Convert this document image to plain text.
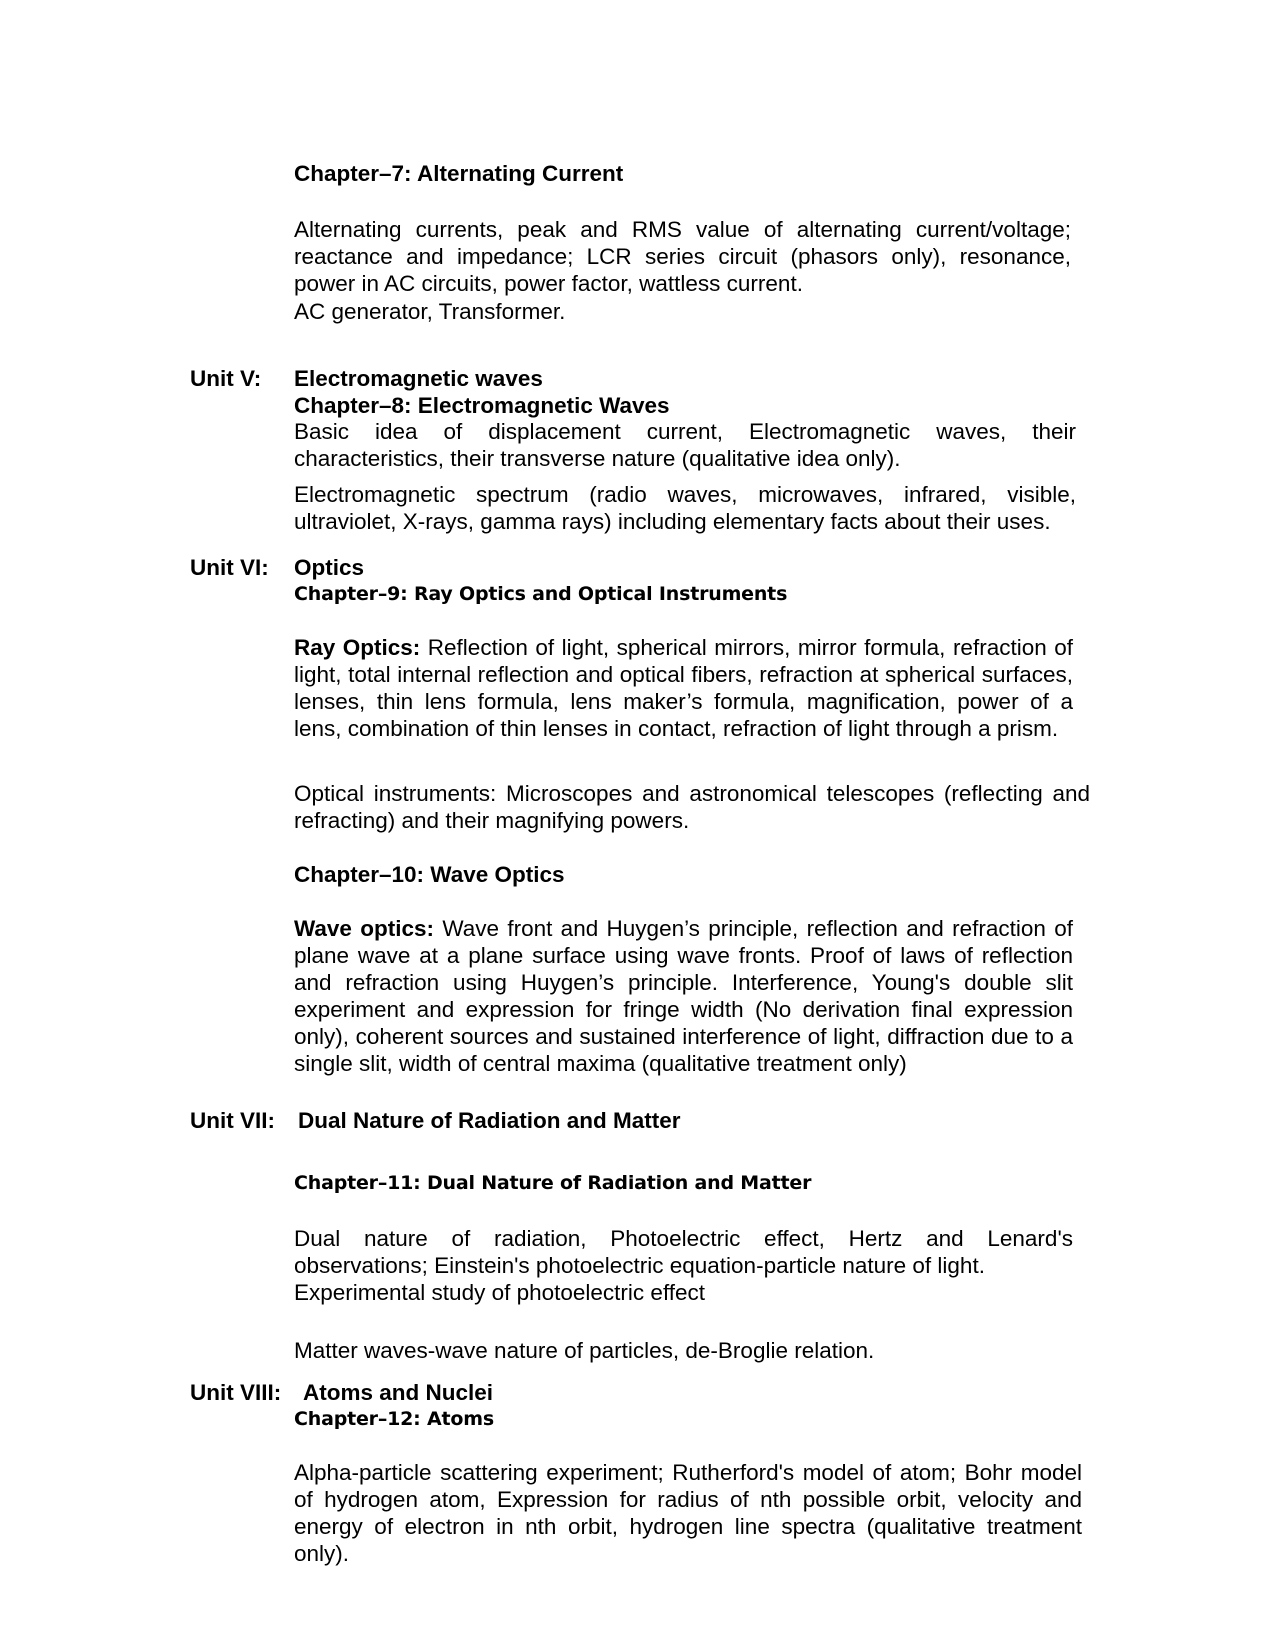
Chapter–7: Alternating Current
Alternating currents, peak and RMS value of alternating current/voltage; reactance and impedance; LCR series circuit (phasors only), resonance, power in AC circuits, power factor, wattless current.
AC generator, Transformer.
Unit V: Electromagnetic waves
Chapter–8: Electromagnetic Waves
Basic idea of displacement current, Electromagnetic waves, their characteristics, their transverse nature (qualitative idea only).
Electromagnetic spectrum (radio waves, microwaves, infrared, visible, ultraviolet, X-rays, gamma rays) including elementary facts about their uses.
Unit VI: Optics
Chapter–9: Ray Optics and Optical Instruments
Ray Optics: Reflection of light, spherical mirrors, mirror formula, refraction of light, total internal reflection and optical fibers, refraction at spherical surfaces, lenses, thin lens formula, lens maker’s formula, magnification, power of a lens, combination of thin lenses in contact, refraction of light through a prism.
Optical instruments: Microscopes and astronomical telescopes (reflecting and refracting) and their magnifying powers.
Chapter–10: Wave Optics
Wave optics: Wave front and Huygen’s principle, reflection and refraction of plane wave at a plane surface using wave fronts. Proof of laws of reflection and refraction using Huygen’s principle. Interference, Young's double slit experiment and expression for fringe width (No derivation final expression only), coherent sources and sustained interference of light, diffraction due to a single slit, width of central maxima (qualitative treatment only)
Unit VII: Dual Nature of Radiation and Matter
Chapter–11: Dual Nature of Radiation and Matter
Dual nature of radiation, Photoelectric effect, Hertz and Lenard's observations; Einstein's photoelectric equation-particle nature of light.
Experimental study of photoelectric effect
Matter waves-wave nature of particles, de-Broglie relation.
Unit VIII: Atoms and Nuclei
Chapter–12: Atoms
Alpha-particle scattering experiment; Rutherford's model of atom; Bohr model of hydrogen atom, Expression for radius of nth possible orbit, velocity and energy of electron in nth orbit, hydrogen line spectra (qualitative treatment only).
